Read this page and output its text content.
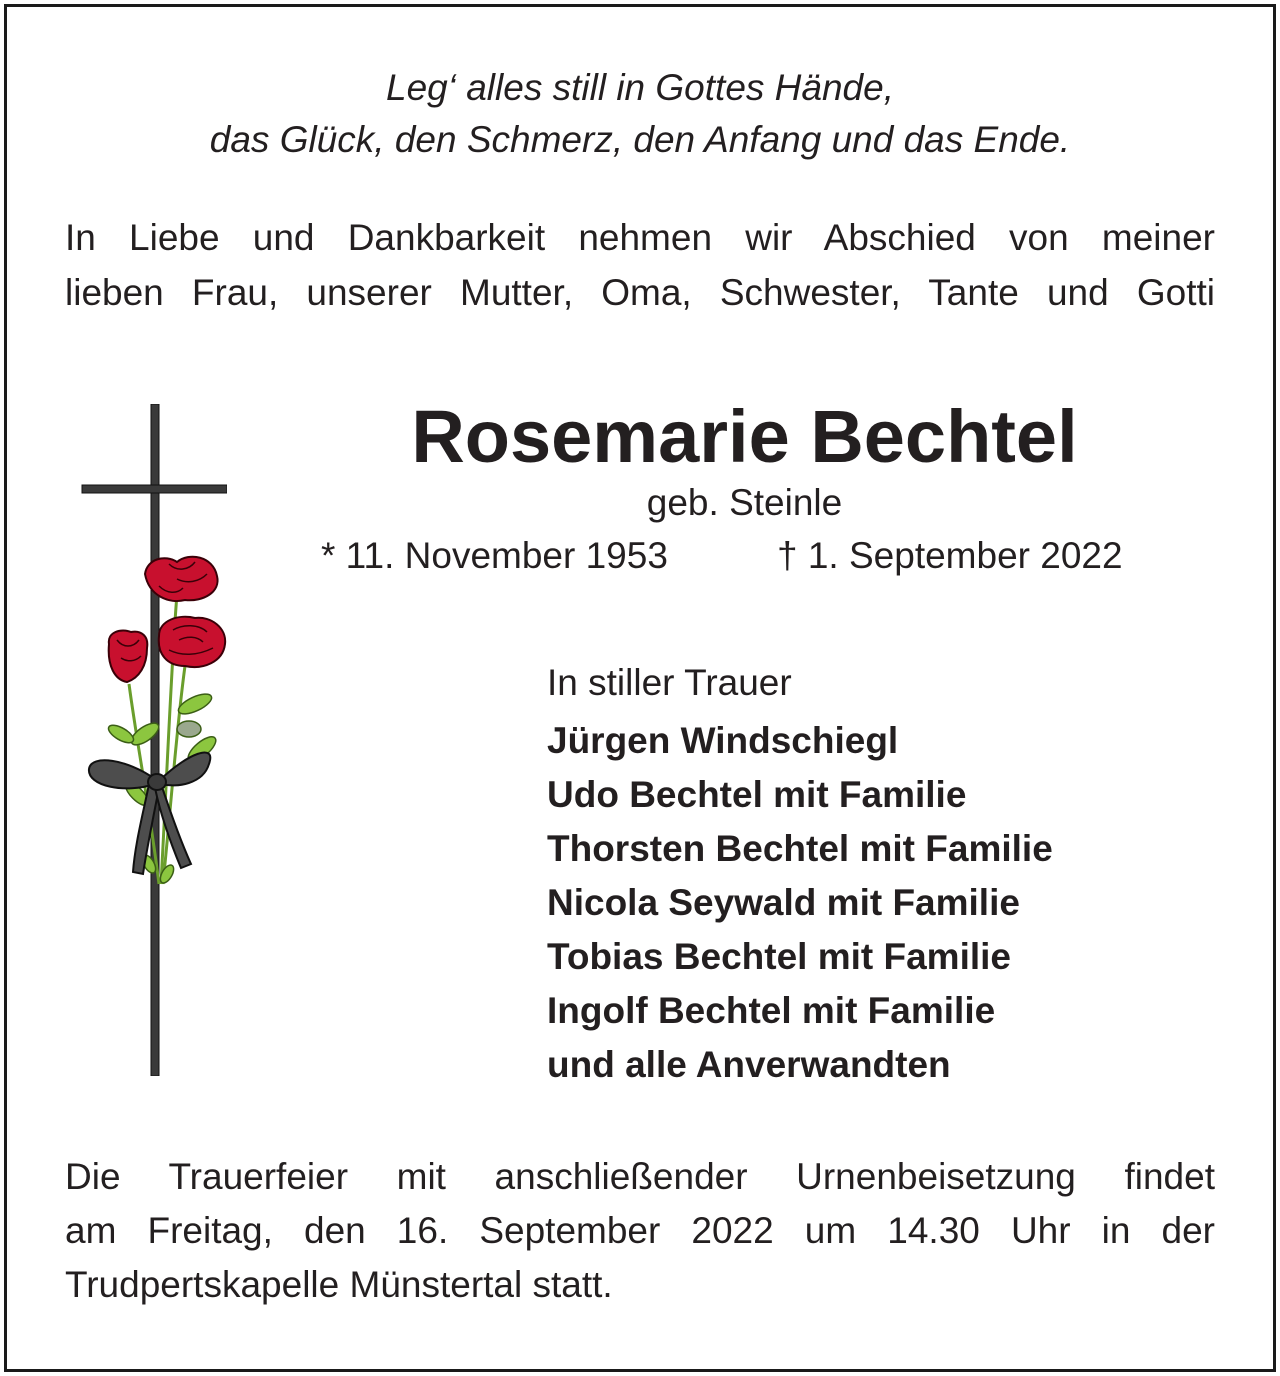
Leg‘ alles still in Gottes Hände,
das Glück, den Schmerz, den Anfang und das Ende.
In Liebe und Dankbarkeit nehmen wir Abschied von meiner
lieben Frau, unserer Mutter, Oma, Schwester, Tante und Gotti
Rosemarie Bechtel
geb. Steinle
* 11. November 1953	† 1. September 2022
In stiller Trauer
Jürgen Windschiegl
Udo Bechtel mit Familie
Thorsten Bechtel mit Familie
Nicola Seywald mit Familie
Tobias Bechtel mit Familie
Ingolf Bechtel mit Familie
und alle Anverwandten
Die Trauerfeier mit anschließender Urnenbeisetzung findet
am Freitag, den 16. September 2022 um 14.30 Uhr in der
Trudpertskapelle Münstertal statt.
